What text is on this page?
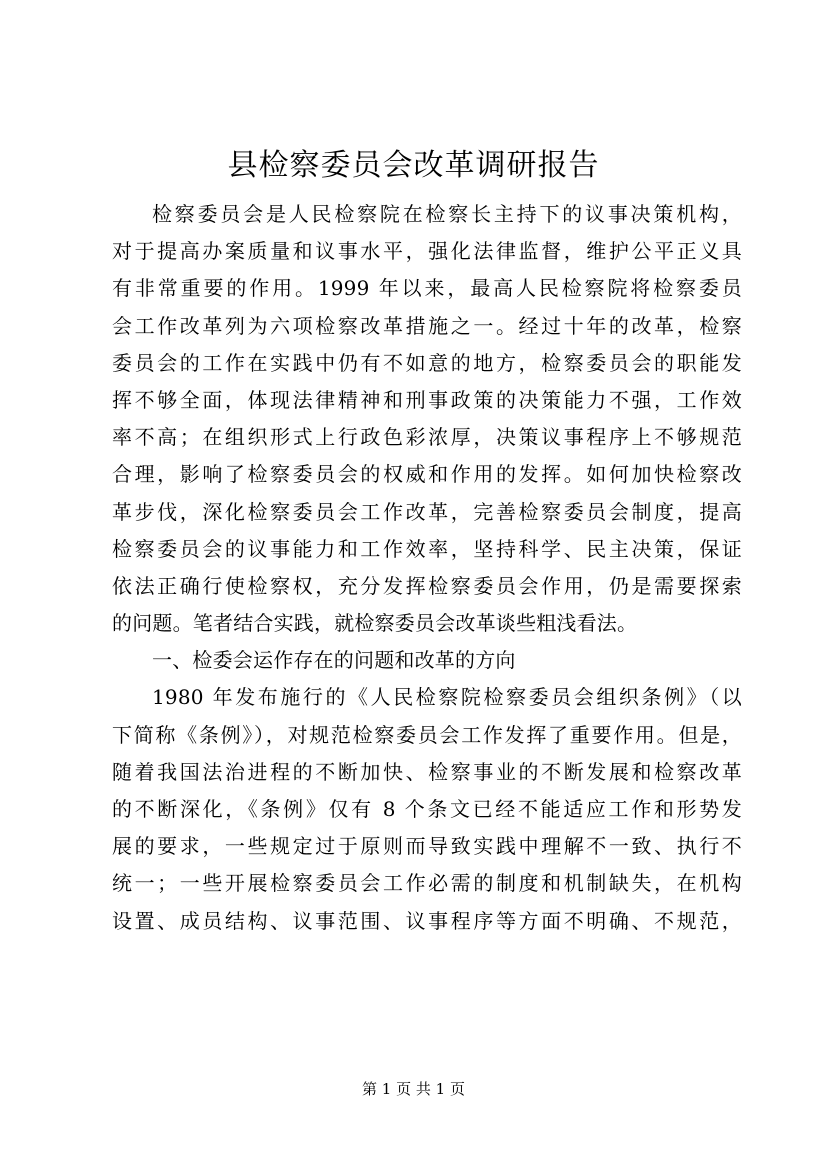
县检察委员会改革调研报告
检察委员会是人民检察院在检察长主持下的议事决策机构，
对于提高办案质量和议事水平，强化法律监督，维护公平正义具
有非常重要的作用。1999 年以来，最高人民检察院将检察委员
会工作改革列为六项检察改革措施之一。经过十年的改革，检察
委员会的工作在实践中仍有不如意的地方，检察委员会的职能发
挥不够全面，体现法律精神和刑事政策的决策能力不强，工作效
率不高；在组织形式上行政色彩浓厚，决策议事程序上不够规范
合理，影响了检察委员会的权威和作用的发挥。如何加快检察改
革步伐，深化检察委员会工作改革，完善检察委员会制度，提高
检察委员会的议事能力和工作效率，坚持科学、民主决策，保证
依法正确行使检察权，充分发挥检察委员会作用，仍是需要探索
的问题。笔者结合实践，就检察委员会改革谈些粗浅看法。
一、检委会运作存在的问题和改革的方向
1980 年发布施行的《人民检察院检察委员会组织条例》（以
下简称《条例》），对规范检察委员会工作发挥了重要作用。但是，
随着我国法治进程的不断加快、检察事业的不断发展和检察改革
的不断深化，《条例》仅有 8 个条文已经不能适应工作和形势发
展的要求，一些规定过于原则而导致实践中理解不一致、执行不
统一；一些开展检察委员会工作必需的制度和机制缺失，在机构
设置、成员结构、议事范围、议事程序等方面不明确、不规范，
第 1 页 共 1 页
